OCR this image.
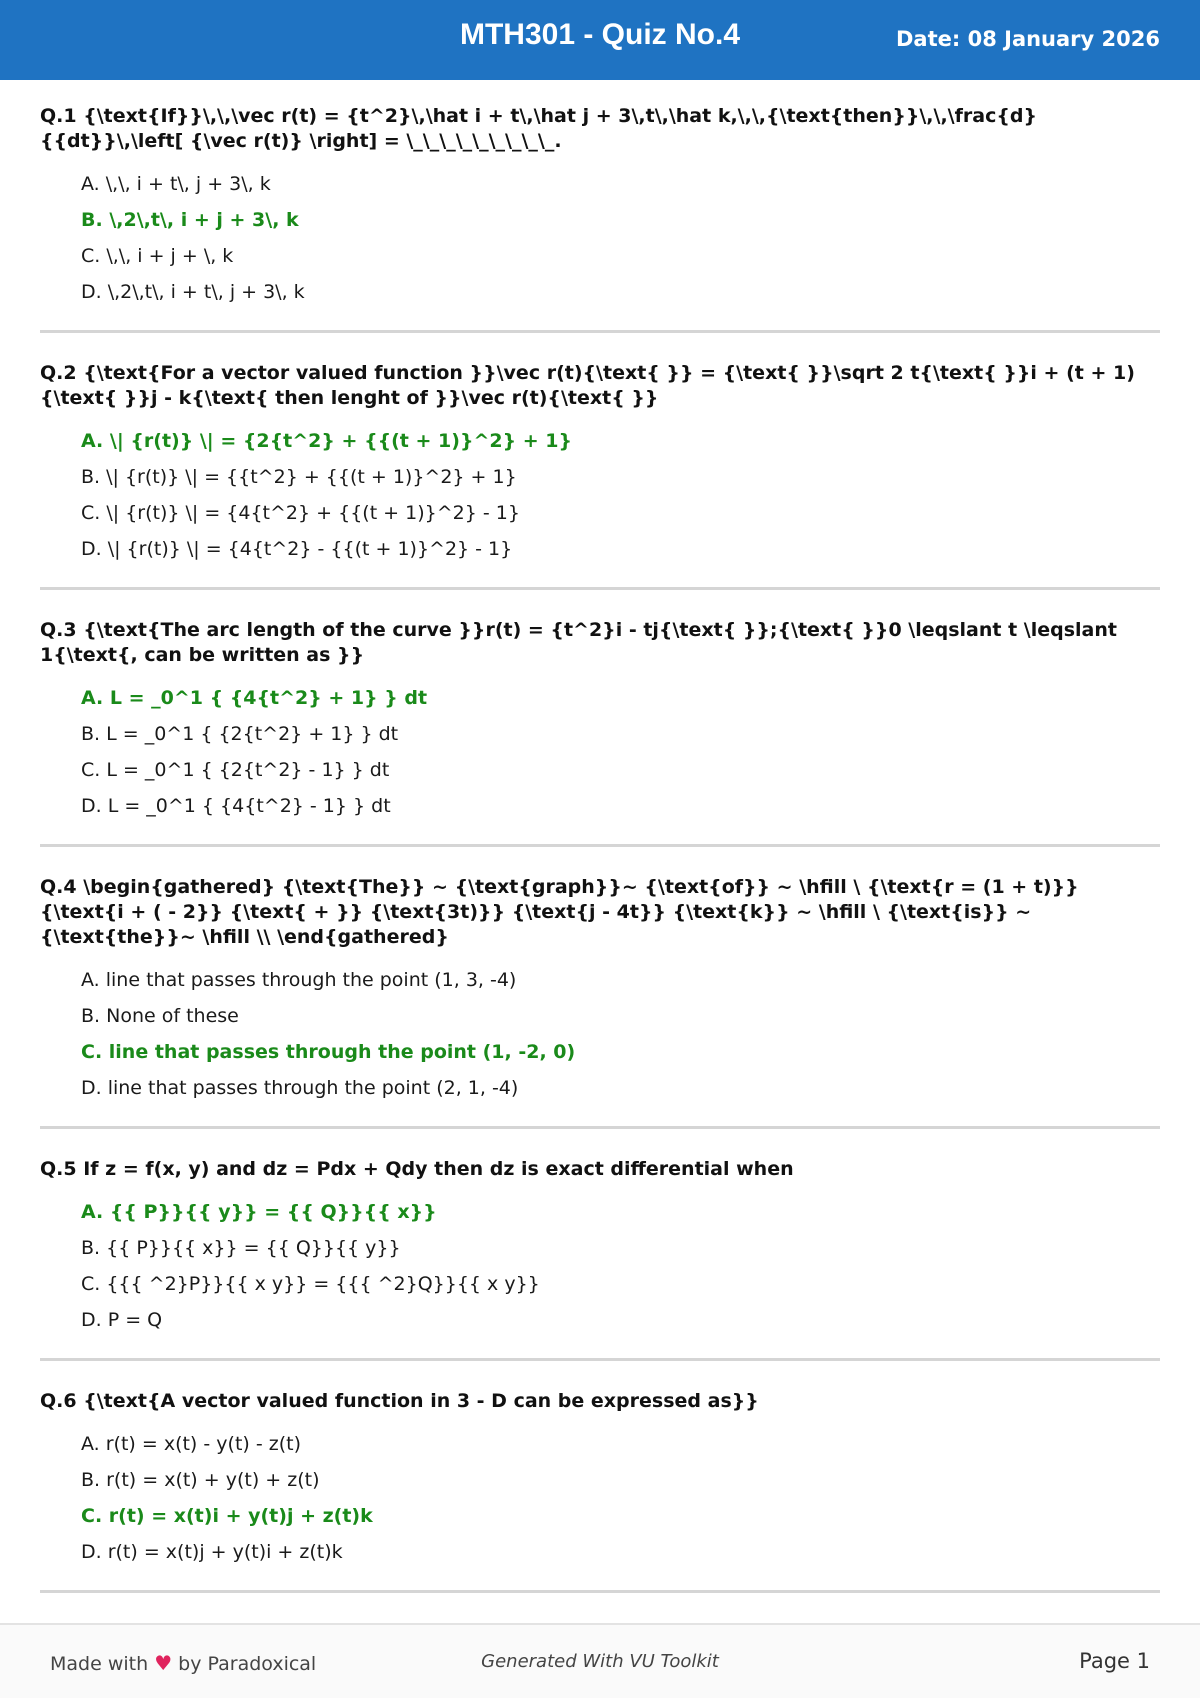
MTH301 - Quiz No.4	Date: 08 January 2026
Q.1 {\text{If}}\,\,\vec r(t) = {t^2}\,\hat i + t\,\hat j + 3\,t\,\hat k,\,\,{\text{then}}\,\,\frac{d}{{dt}}\,\left[ {\vec r(t)} \right] = \_\_\_\_\_\_\_\_\_.
A. \,\, i + t\, j + 3\, k
B. \,2\,t\, i + j + 3\, k
C. \,\, i + j + \, k
D. \,2\,t\, i + t\, j + 3\, k
Q.2 {\text{For a vector valued function }}\vec r(t){\text{ }} = {\text{ }}\sqrt 2 t{\text{ }}i + (t + 1){\text{ }}j - k{\text{ then lenght of }}\vec r(t){\text{ }}
A. \| {r(t)} \| = {2{t^2} + {{(t + 1)}^2} + 1}
B. \| {r(t)} \| = {{t^2} + {{(t + 1)}^2} + 1}
C. \| {r(t)} \| = {4{t^2} + {{(t + 1)}^2} - 1}
D. \| {r(t)} \| = {4{t^2} - {{(t + 1)}^2} - 1}
Q.3 {\text{The arc length of the curve }}r(t) = {t^2}i - tj{\text{ }};{\text{ }}0 \leqslant t \leqslant 1{\text{, can be written as }}
A. L = _0^1 { {4{t^2} + 1} } dt
B. L = _0^1 { {2{t^2} + 1} } dt
C. L = _0^1 { {2{t^2} - 1} } dt
D. L = _0^1 { {4{t^2} - 1} } dt
Q.4 \begin{gathered} {\text{The}} ~ {\text{graph}}~ {\text{of}} ~ \hfill \ {\text{r = (1 + t)}} {\text{i + ( - 2}} {\text{ + }} {\text{3t)}} {\text{j - 4t}} {\text{k}} ~ \hfill \ {\text{is}} ~{\text{the}}~ \hfill \\ \end{gathered}
A. line that passes through the point (1, 3, -4)
B. None of these
C. line that passes through the point (1, -2, 0)
D. line that passes through the point (2, 1, -4)
Q.5 If z = f(x, y) and dz = Pdx + Qdy then dz is exact differential when
A. {{ P}}{{ y}} = {{ Q}}{{ x}}
B. {{ P}}{{ x}} = {{ Q}}{{ y}}
C. {{{ ^2}P}}{{ x y}} = {{{ ^2}Q}}{{ x y}}
D. P = Q
Q.6 {\text{A vector valued function in 3 - D can be expressed as}}
A. r(t) = x(t) - y(t) - z(t)
B. r(t) = x(t) + y(t) + z(t)
C. r(t) = x(t)i + y(t)j + z(t)k
D. r(t) = x(t)j + y(t)i + z(t)k
Made with ♥ by Paradoxical	Generated With VU Toolkit	Page 1
